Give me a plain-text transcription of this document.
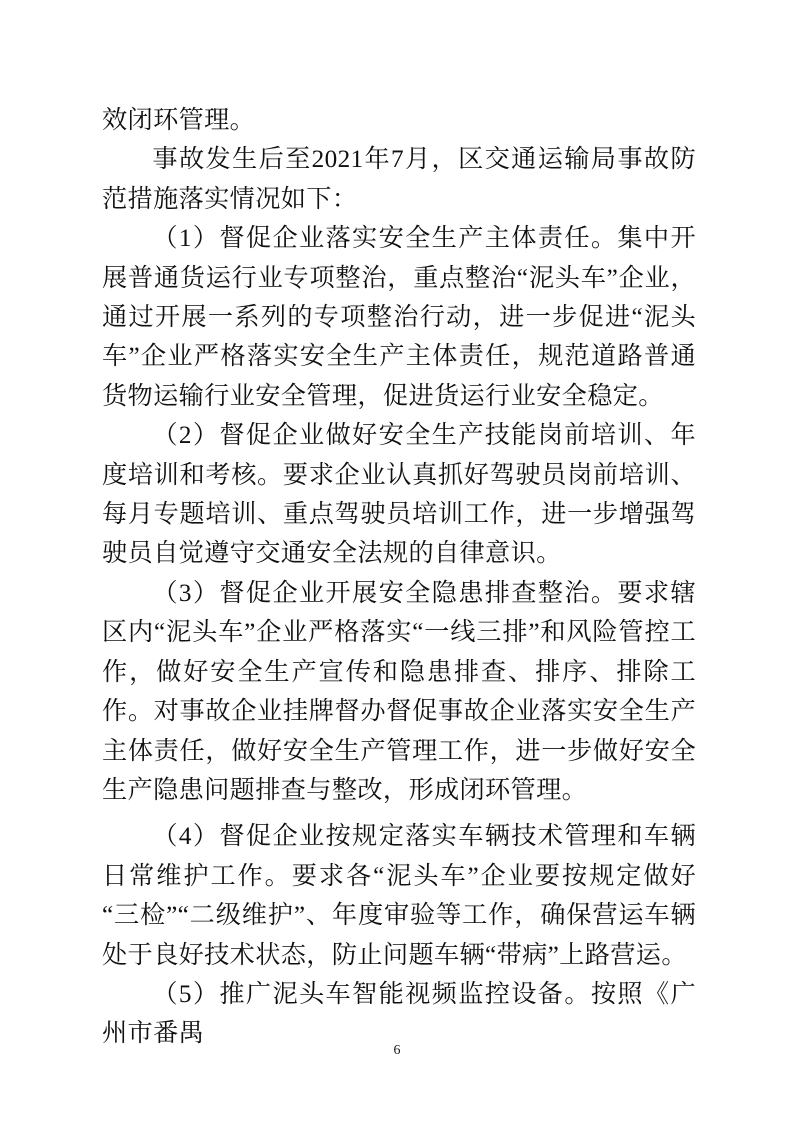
效闭环管理。

事故发生后至2021年7月，区交通运输局事故防范措施落实情况如下：

（1）督促企业落实安全生产主体责任。集中开展普通货运行业专项整治，重点整治“泥头车”企业，通过开展一系列的专项整治行动，进一步促进“泥头车”企业严格落实安全生产主体责任，规范道路普通货物运输行业安全管理，促进货运行业安全稳定。

（2）督促企业做好安全生产技能岗前培训、年度培训和考核。要求企业认真抓好驾驶员岗前培训、每月专题培训、重点驾驶员培训工作，进一步增强驾驶员自觉遵守交通安全法规的自律意识。

（3）督促企业开展安全隐患排查整治。要求辖区内“泥头车”企业严格落实“一线三排”和风险管控工作，做好安全生产宣传和隐患排查、排序、排除工作。对事故企业挂牌督办督促事故企业落实安全生产主体责任，做好安全生产管理工作，进一步做好安全生产隐患问题排查与整改，形成闭环管理。

（4）督促企业按规定落实车辆技术管理和车辆日常维护工作。要求各“泥头车”企业要按规定做好“三检”“二级维护”、年度审验等工作，确保营运车辆处于良好技术状态，防止问题车辆“带病”上路营运。

（5）推广泥头车智能视频监控设备。按照《广州市番禺

6
